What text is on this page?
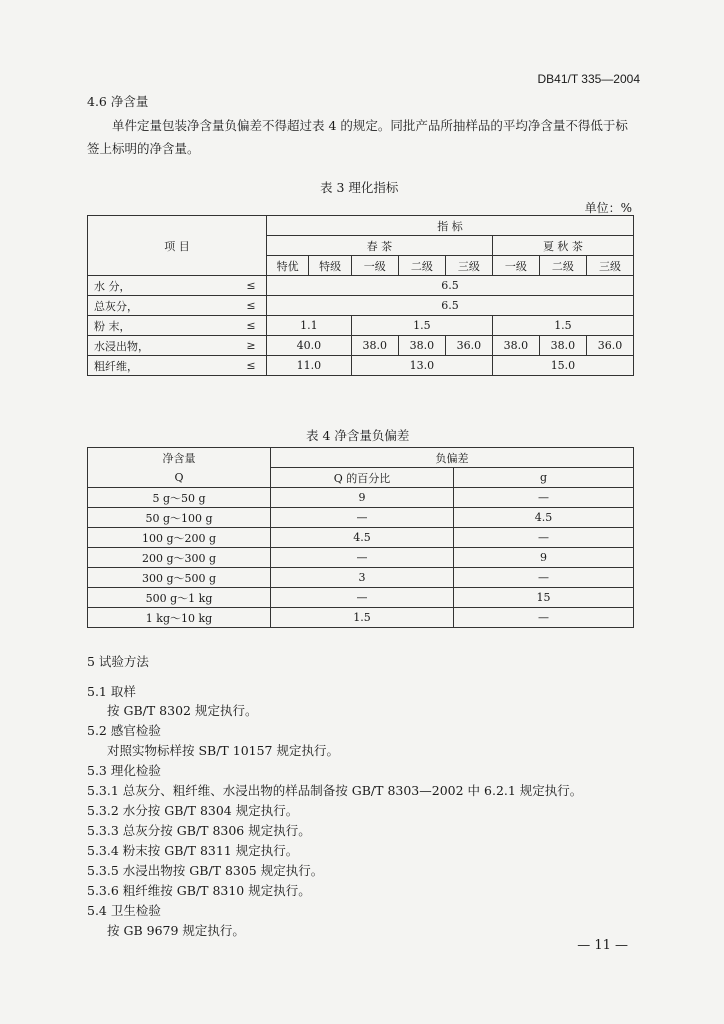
DB41/T 335—2004
4.6 净含量
单件定量包装净含量负偏差不得超过表 4 的规定。同批产品所抽样品的平均净含量不得低于标
签上标明的净含量。
表 3 理化指标
单位：%
项 目		指 标							
		春 茶					夏 秋 茶		
		特优	特级	一级	二级	三级	一级	二级	三级
水 分，	≤	6.5							
总灰分，	≤	6.5							
粉 末，	≤	1.1		1.5			1.5		
水浸出物，	≥	40.0		38.0	38.0	36.0	38.0	38.0	36.0
粗纤维，	≤	11.0		13.0			15.0		
表 4 净含量负偏差
净含量	负偏差	
Q	Q 的百分比	g
5 g～50 g	9	—
50 g～100 g	—	4.5
100 g～200 g	4.5	—
200 g～300 g	—	9
300 g～500 g	3	—
500 g～1 kg	—	15
1 kg～10 kg	1.5	—
5 试验方法
5.1 取样
按 GB/T 8302 规定执行。
5.2 感官检验
对照实物标样按 SB/T 10157 规定执行。
5.3 理化检验
5.3.1 总灰分、粗纤维、水浸出物的样品制备按 GB/T 8303—2002 中 6.2.1 规定执行。
5.3.2 水分按 GB/T 8304 规定执行。
5.3.3 总灰分按 GB/T 8306 规定执行。
5.3.4 粉末按 GB/T 8311 规定执行。
5.3.5 水浸出物按 GB/T 8305 规定执行。
5.3.6 粗纤维按 GB/T 8310 规定执行。
5.4 卫生检验
按 GB 9679 规定执行。
— 11 —
